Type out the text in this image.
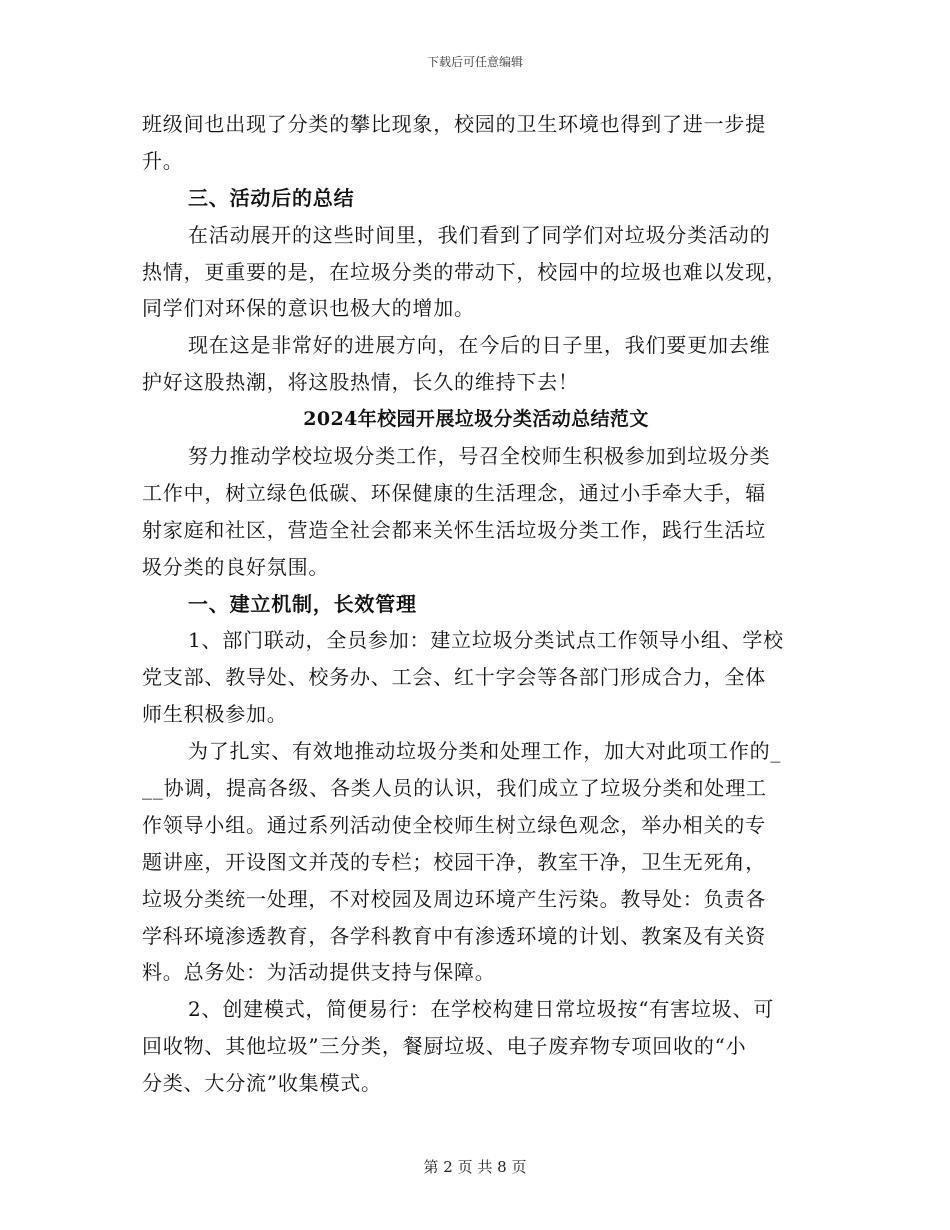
下载后可任意编辑
班级间也出现了分类的攀比现象，校园的卫生环境也得到了进一步提
升。
三、活动后的总结
在活动展开的这些时间里，我们看到了同学们对垃圾分类活动的
热情，更重要的是，在垃圾分类的带动下，校园中的垃圾也难以发现，
同学们对环保的意识也极大的增加。
现在这是非常好的进展方向，在今后的日子里，我们要更加去维
护好这股热潮，将这股热情，长久的维持下去！
2024年校园开展垃圾分类活动总结范文
努力推动学校垃圾分类工作，号召全校师生积极参加到垃圾分类
工作中，树立绿色低碳、环保健康的生活理念，通过小手牵大手，辐
射家庭和社区，营造全社会都来关怀生活垃圾分类工作，践行生活垃
圾分类的良好氛围。
一、建立机制，长效管理
1、部门联动，全员参加：建立垃圾分类试点工作领导小组、学校
党支部、教导处、校务办、工会、红十字会等各部门形成合力，全体
师生积极参加。
为了扎实、有效地推动垃圾分类和处理工作，加大对此项工作的_
__协调，提高各级、各类人员的认识，我们成立了垃圾分类和处理工
作领导小组。通过系列活动使全校师生树立绿色观念，举办相关的专
题讲座，开设图文并茂的专栏；校园干净，教室干净，卫生无死角，
垃圾分类统一处理，不对校园及周边环境产生污染。教导处：负责各
学科环境渗透教育，各学科教育中有渗透环境的计划、教案及有关资
料。总务处：为活动提供支持与保障。
2、创建模式，简便易行：在学校构建日常垃圾按“有害垃圾、可
回收物、其他垃圾”三分类，餐厨垃圾、电子废弃物专项回收的“小
分类、大分流”收集模式。
第 2 页 共 8 页
